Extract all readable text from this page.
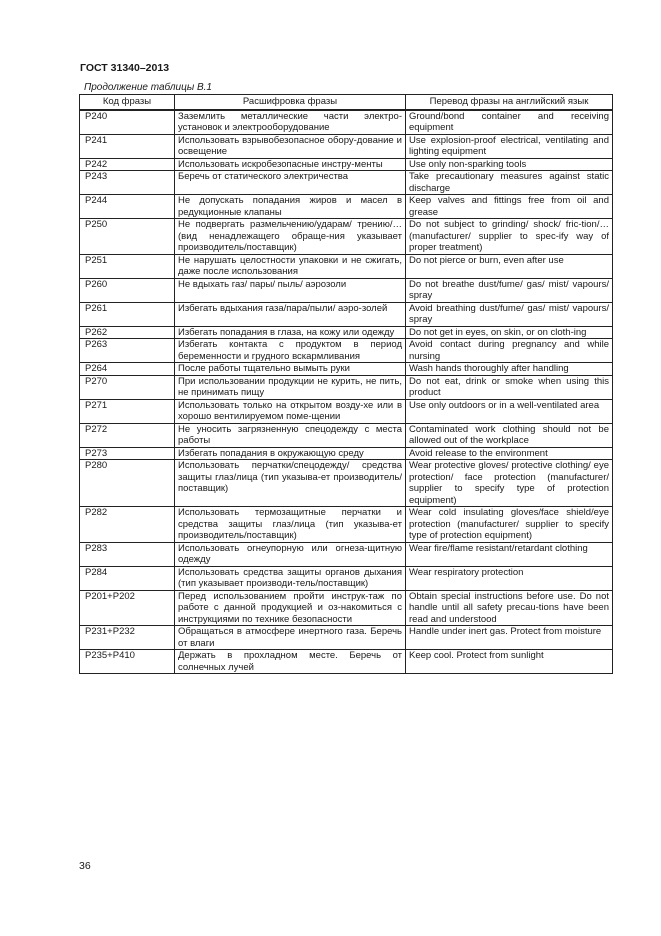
ГОСТ 31340–2013

Продолжение таблицы В.1

Код фразы	Расшифровка фразы	Перевод фразы на английский язык
P240	Заземлить металлические части электро-установок и электрооборудование	Ground/bond container and receiving equipment
P241	Использовать взрывобезопасное обору-дование и освещение	Use explosion-proof electrical, ventilating and lighting equipment
P242	Использовать искробезопасные инстру-менты	Use only non-sparking tools
P243	Беречь от статического электричества	Take precautionary measures against static discharge
P244	Не допускать попадания жиров и масел в редукционные клапаны	Keep valves and fittings free from oil and grease
P250	Не подвергать размельчению/ударам/ трению/… (вид ненадлежащего обраще-ния указывает производитель/поставщик)	Do not subject to grinding/ shock/ fric-tion/… (manufacturer/ supplier to spec-ify way of proper treatment)
P251	Не нарушать целостности упаковки и не сжигать, даже после использования	Do not pierce or burn, even after use
P260	Не вдыхать газ/ пары/ пыль/ аэрозоли	Do not breathe dust/fume/ gas/ mist/ vapours/ spray
P261	Избегать вдыхания газа/пара/пыли/ аэро-золей	Avoid breathing dust/fume/ gas/ mist/ vapours/ spray
P262	Избегать попадания в глаза, на кожу или одежду	Do not get in eyes, on skin, or on cloth-ing
P263	Избегать контакта с продуктом в период беременности и грудного вскармливания	Avoid contact during pregnancy and while nursing
P264	После работы тщательно вымыть руки	Wash hands thoroughly after handling
P270	При использовании продукции не курить, не пить, не принимать пищу	Do not eat, drink or smoke when using this product
P271	Использовать только на открытом возду-хе или в хорошо вентилируемом поме-щении	Use only outdoors or in a well-ventilated area
P272	Не уносить загрязненную спецодежду с места работы	Contaminated work clothing should not be allowed out of the workplace
P273	Избегать попадания в окружающую среду	Avoid release to the environment
P280	Использовать перчатки/спецодежду/ средства защиты глаз/лица (тип указыва-ет производитель/поставщик)	Wear protective gloves/ protective clothing/ eye protection/ face protection (manufacturer/ supplier to specify type of protection equipment)
P282	Использовать термозащитные перчатки и средства защиты глаз/лица (тип указыва-ет производитель/поставщик)	Wear cold insulating gloves/face shield/eye protection (manufacturer/ supplier to specify type of protection equipment)
P283	Использовать огнеупорную или огнеза-щитную одежду	Wear fire/flame resistant/retardant clothing
P284	Использовать средства защиты органов дыхания (тип указывает производи-тель/поставщик)	Wear respiratory protection
P201+P202	Перед использованием пройти инструк-таж по работе с данной продукцией и оз-накомиться с инструкциями по технике безопасности	Obtain special instructions before use. Do not handle until all safety precau-tions have been read and understood
P231+P232	Обращаться в атмосфере инертного газа. Беречь от влаги	Handle under inert gas. Protect from moisture
P235+P410	Держать в прохладном месте. Беречь от солнечных лучей	Keep cool. Protect from sunlight

36
